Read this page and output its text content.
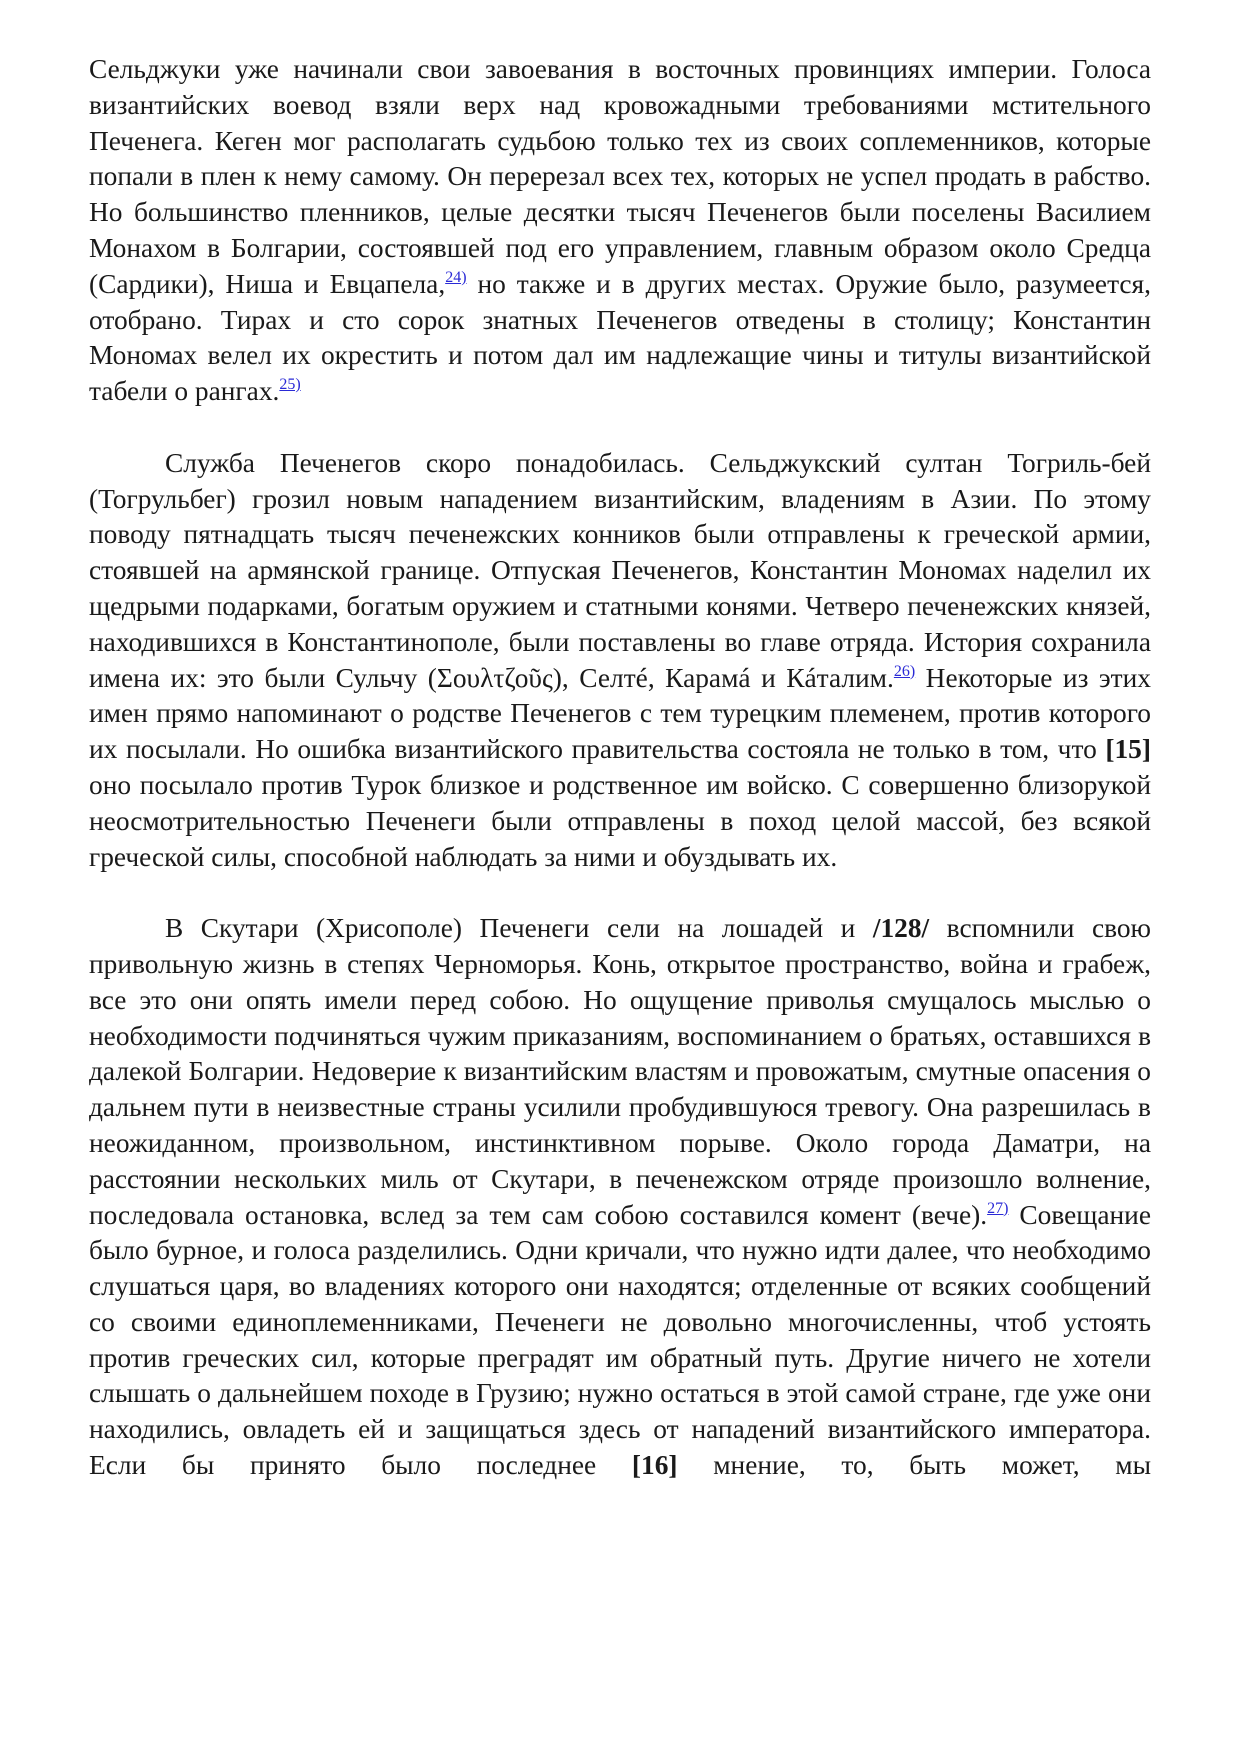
Сельджуки уже начинали свои завоевания в восточных провинциях империи. Голоса византийских воевод взяли верх над кровожадными требованиями мстительного Печенега. Кеген мог располагать судьбою только тех из своих соплеменников, которые попали в плен к нему самому. Он перерезал всех тех, которых не успел продать в рабство. Но большинство пленников, целые десятки тысяч Печенегов были поселены Василием Монахом в Болгарии, состоявшей под его управлением, главным образом около Средца (Сардики), Ниша и Евцапела,$^{24)}$ но также и в других местах. Оружие было, разумеется, отобрано. Тирах и сто сорок знатных Печенегов отведены в столицу; Константин Мономах велел их окрестить и потом дал им надлежащие чины и титулы византийской табели о рангах.$^{25)}$

Служба Печенегов скоро понадобилась. Сельджукский султан Тогриль-бей (Тогрульбег) грозил новым нападением византийским, владениям в Азии. По этому поводу пятнадцать тысяч печенежских конников были отправлены к греческой армии, стоявшей на армянской границе. Отпуская Печенегов, Константин Мономах наделил их щедрыми подарками, богатым оружием и статными конями. Четверо печенежских князей, находившихся в Константинополе, были поставлены во главе отряда. История сохранила имена их: это были Сульчу (Σουλτζοῦς), Селтé, Карамá и Кáталим.$^{26)}$ Некоторые из этих имен прямо напоминают о родстве Печенегов с тем турецким племенем, против которого их посылали. Но ошибка византийского правительства состояла не только в том, что [15] оно посылало против Турок близкое и родственное им войско. С совершенно близорукой неосмотрительностью Печенеги были отправлены в поход целой массой, без всякой греческой силы, способной наблюдать за ними и обуздывать их.

В Скутари (Хрисополе) Печенеги сели на лошадей и /128/ вспомнили свою привольную жизнь в степях Черноморья. Конь, открытое пространство, война и грабеж, все это они опять имели перед собою. Но ощущение приволья смущалось мыслью о необходимости подчиняться чужим приказаниям, воспоминанием о братьях, оставшихся в далекой Болгарии. Недоверие к византийским властям и провожатым, смутные опасения о дальнем пути в неизвестные страны усилили пробудившуюся тревогу. Она разрешилась в неожиданном, произвольном, инстинктивном порыве. Около города Даматри, на расстоянии нескольких миль от Скутари, в печенежском отряде произошло волнение, последовала остановка, вслед за тем сам собою составился комент (вече).$^{27)}$ Совещание было бурное, и голоса разделились. Одни кричали, что нужно идти далее, что необходимо слушаться царя, во владениях которого они находятся; отделенные от всяких сообщений со своими единоплеменниками, Печенеги не довольно многочисленны, чтоб устоять против греческих сил, которые преградят им обратный путь. Другие ничего не хотели слышать о дальнейшем походе в Грузию; нужно остаться в этой самой стране, где уже они находились, овладеть ей и защищаться здесь от нападений византийского императора. Если бы принято было последнее [16] мнение, то, быть может, мы
